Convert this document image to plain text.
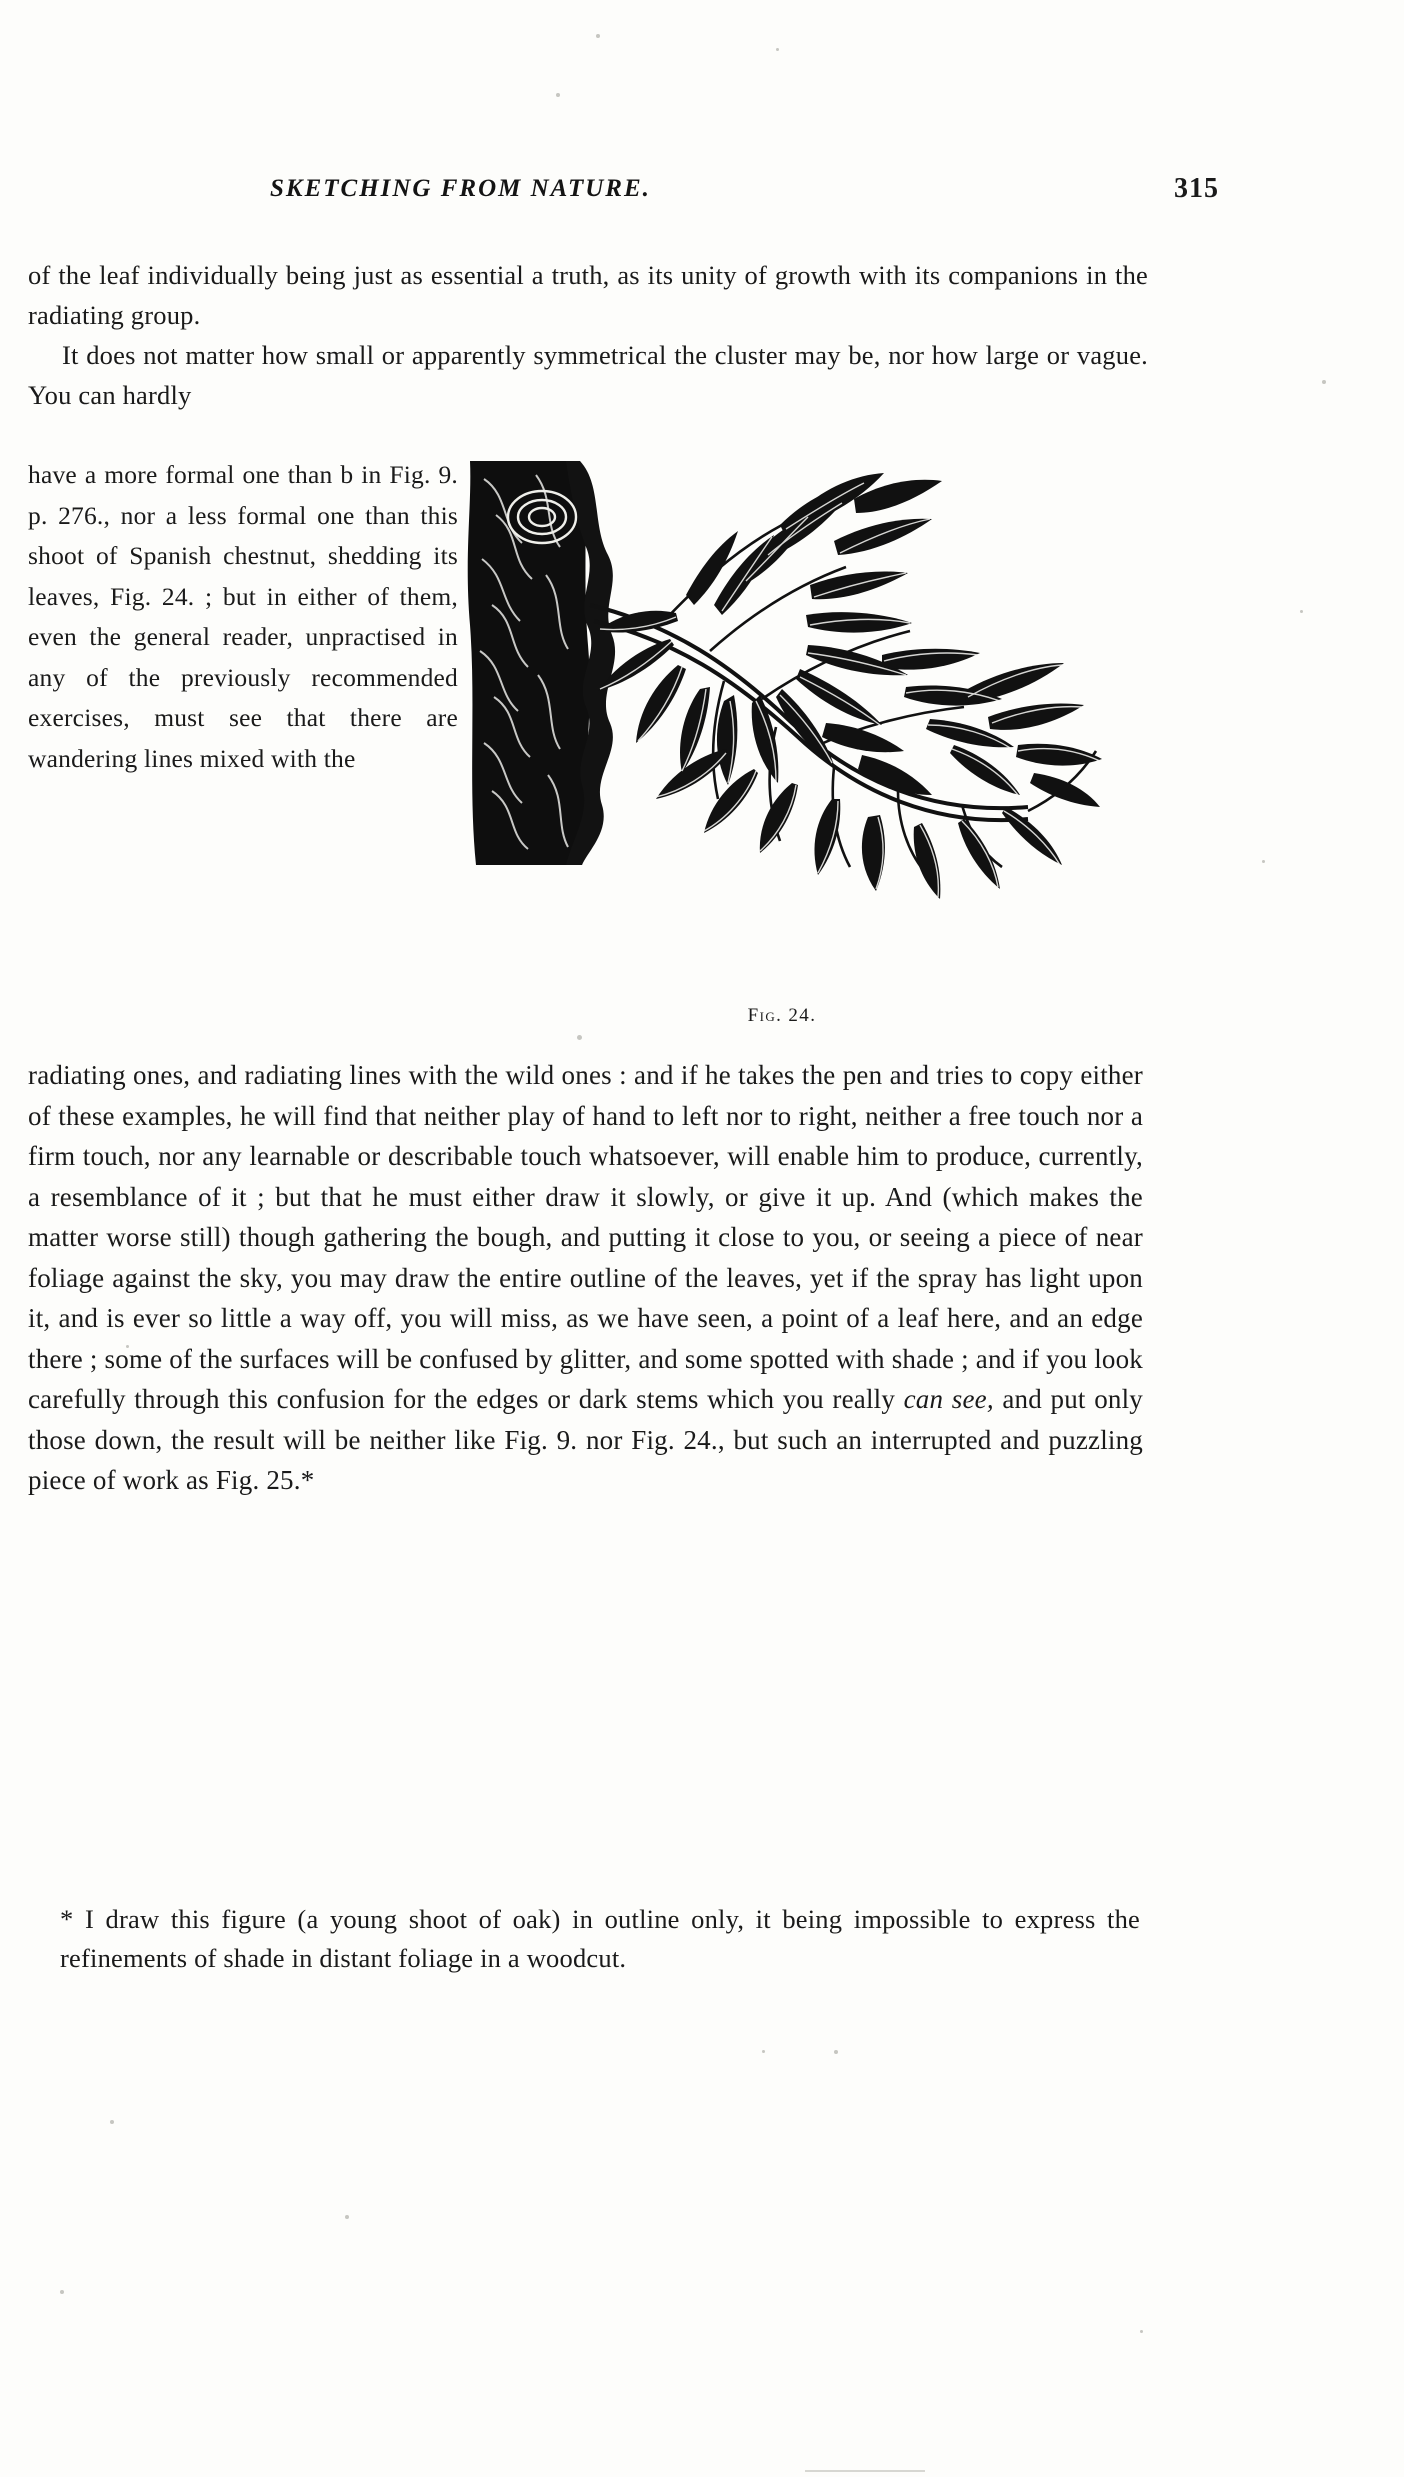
SKETCHING FROM NATURE.	315

of the leaf individually being just as essential a truth, as its unity of growth with its companions in the radiating group.

It does not matter how small or apparently symmetrical the cluster may be, nor how large or vague. You can hardly

have a more formal one than b in Fig. 9. p. 276., nor a less formal one than this shoot of Spanish chestnut, shedding its leaves, Fig. 24. ; but in either of them, even the general reader, unpractised in any of the previously recommended exercises, must see that there are wandering lines mixed with the

Fig. 24.

radiating ones, and radiating lines with the wild ones : and if he takes the pen and tries to copy either of these examples, he will find that neither play of hand to left nor to right, neither a free touch nor a firm touch, nor any learnable or describable touch whatsoever, will enable him to produce, currently, a resemblance of it ; but that he must either draw it slowly, or give it up. And (which makes the matter worse still) though gathering the bough, and putting it close to you, or seeing a piece of near foliage against the sky, you may draw the entire outline of the leaves, yet if the spray has light upon it, and is ever so little a way off, you will miss, as we have seen, a point of a leaf here, and an edge there ; some of the surfaces will be confused by glitter, and some spotted with shade ; and if you look carefully through this confusion for the edges or dark stems which you really can see, and put only those down, the result will be neither like Fig. 9. nor Fig. 24., but such an interrupted and puzzling piece of work as Fig. 25.*

* I draw this figure (a young shoot of oak) in outline only, it being impossible to express the refinements of shade in distant foliage in a woodcut.
